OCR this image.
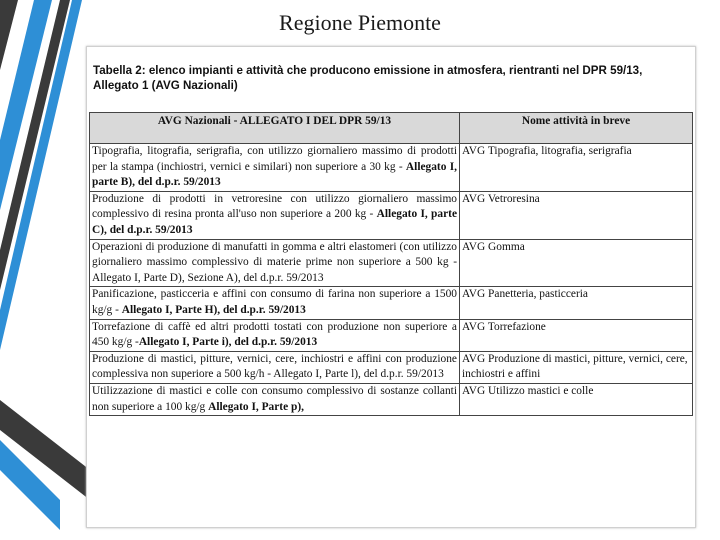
Regione Piemonte
Tabella 2: elenco impianti e attività che producono emissione in atmosfera, rientranti nel DPR 59/13,
Allegato 1 (AVG Nazionali)
AVG Nazionali - ALLEGATO I DEL DPR 59/13	Nome attività in breve
Tipografia, litografia, serigrafia, con utilizzo giornaliero massimo di prodotti per la stampa (inchiostri, vernici e similari) non superiore a 30 kg - Allegato I, parte B), del d.p.r. 59/2013	AVG Tipografia, litografia, serigrafia
Produzione di prodotti in vetroresine con utilizzo giornaliero massimo complessivo di resina pronta all'uso non superiore a 200 kg - Allegato I, parte C), del d.p.r. 59/2013	AVG Vetroresina
Operazioni di produzione di manufatti in gomma e altri elastomeri (con utilizzo giornaliero massimo complessivo di materie prime non superiore a 500 kg - Allegato I, Parte D), Sezione A), del d.p.r. 59/2013	AVG Gomma
Panificazione, pasticceria e affini con consumo di farina non superiore a 1500 kg/g - Allegato I, Parte H), del d.p.r. 59/2013	AVG Panetteria, pasticceria
Torrefazione di caffè ed altri prodotti tostati con produzione non superiore a 450 kg/g -Allegato I, Parte i), del d.p.r. 59/2013	AVG Torrefazione
Produzione di mastici, pitture, vernici, cere, inchiostri e affini con produzione complessiva non superiore a 500 kg/h - Allegato I, Parte l), del d.p.r. 59/2013	AVG Produzione di mastici, pitture, vernici, cere, inchiostri e affini
Utilizzazione di mastici e colle con consumo complessivo di sostanze collanti non superiore a 100 kg/g Allegato I, Parte p),	AVG Utilizzo mastici e colle
